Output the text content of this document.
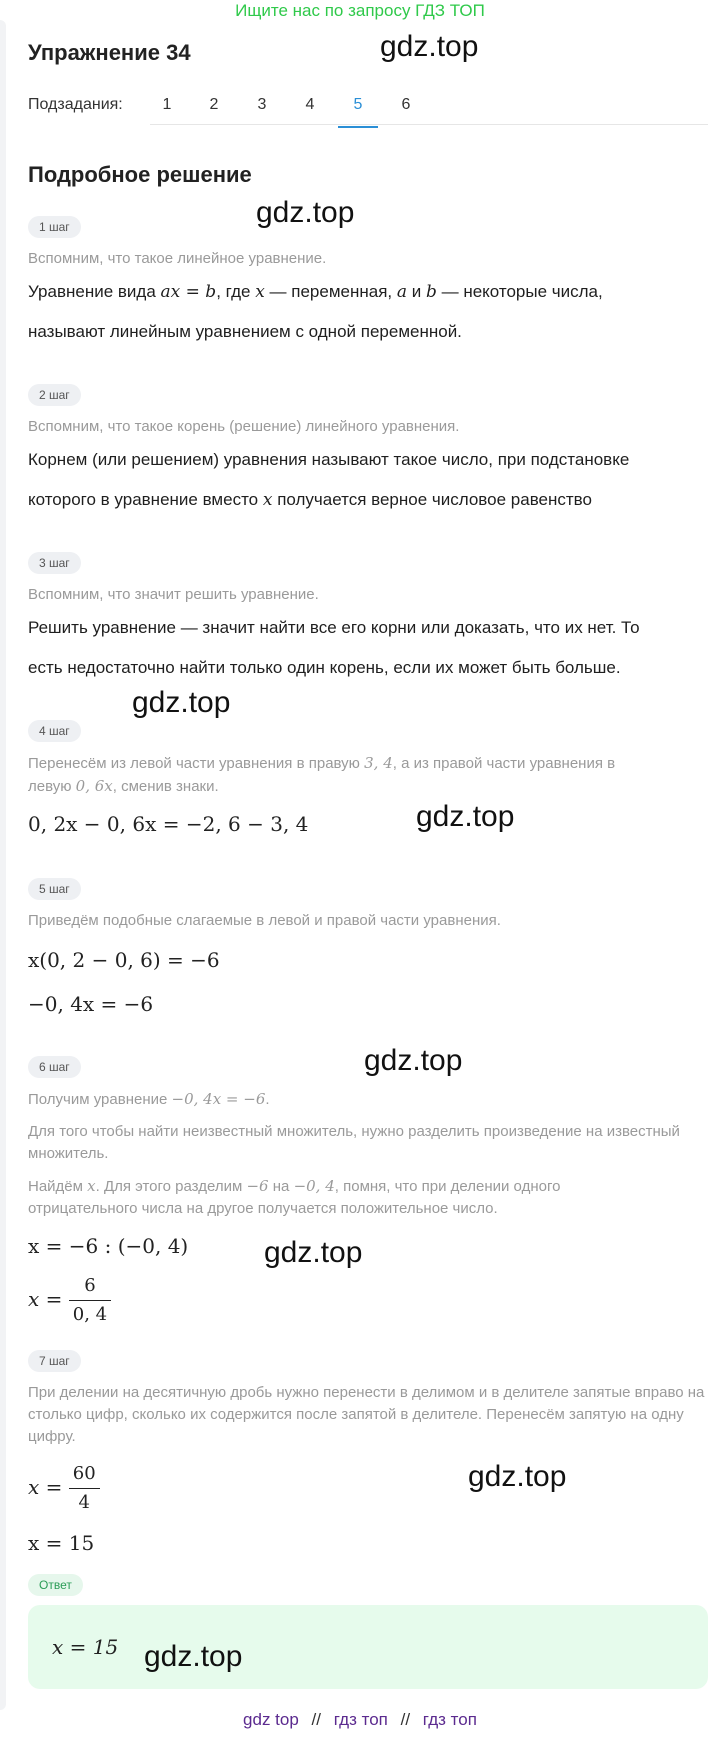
Ищите нас по запросу ГДЗ ТОП
Упражнение 34	gdz.top
Подзадания:	1	2	3	4	5	6
Подробное решение
gdz.top
1 шаг
Вспомним, что такое линейное уравнение.
Уравнение вида ax = b, где x — переменная, a и b — некоторые числа,
называют линейным уравнением с одной переменной.
2 шаг
Вспомним, что такое корень (решение) линейного уравнения.
Корнем (или решением) уравнения называют такое число, при подстановке
которого в уравнение вместо x получается верное числовое равенство
3 шаг
Вспомним, что значит решить уравнение.
Решить уравнение — значит найти все его корни или доказать, что их нет. То
есть недостаточно найти только один корень, если их может быть больше.
gdz.top
4 шаг
Перенесём из левой части уравнения в правую 3, 4, а из правой части уравнения в
левую 0, 6x, сменив знаки.
0, 2x − 0, 6x = −2, 6 − 3, 4	gdz.top
5 шаг
Приведём подобные слагаемые в левой и правой части уравнения.
x(0, 2 − 0, 6) = −6
−0, 4x = −6
gdz.top
6 шаг
Получим уравнение −0, 4x = −6.
Для того чтобы найти неизвестный множитель, нужно разделить произведение на известный множитель.
Найдём x. Для этого разделим −6 на −0, 4, помня, что при делении одного
отрицательного числа на другое получается положительное число.
x = −6 : (−0, 4)
$x = \frac{6}{0, 4}$
gdz.top
7 шаг
При делении на десятичную дробь нужно перенести в делимом и в делителе запятые вправо на столько цифр, сколько их содержится после запятой в делителе. Перенесём запятую на одну цифру.
$x = \frac{60}{4}$
x = 15
gdz.top
Ответ
x = 15 gdz.top
gdz top // гдз топ // гдз топ
